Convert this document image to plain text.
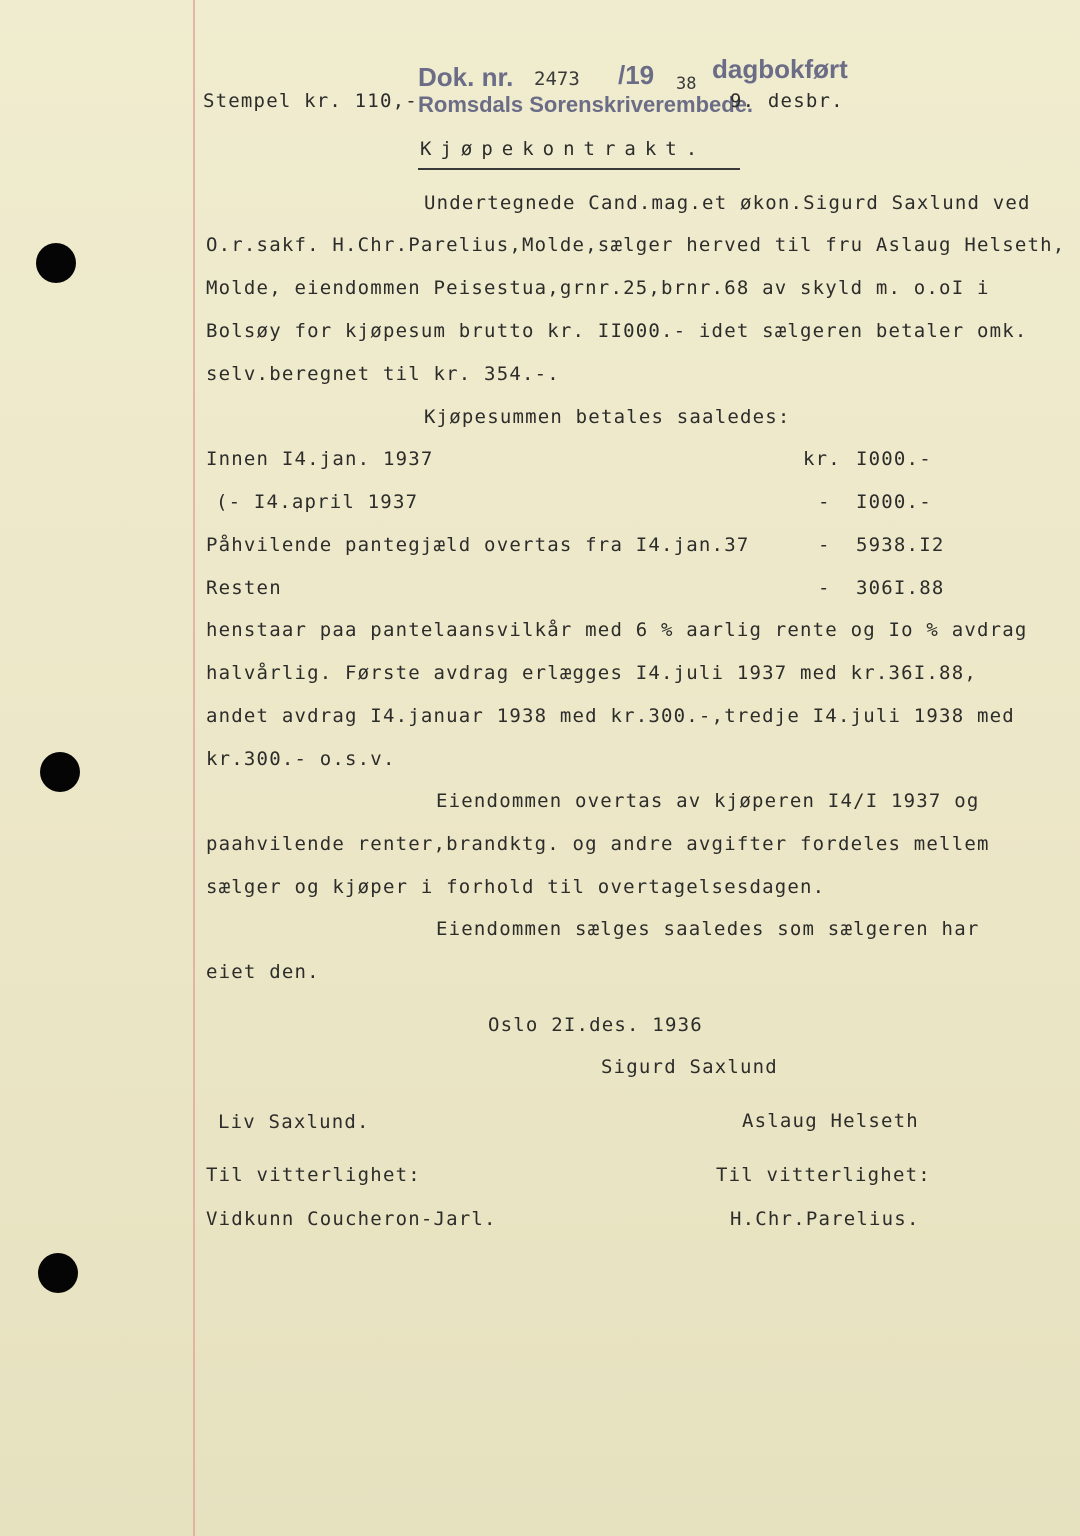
Dok. nr. 2473 /19 38 dagbokført
Romsdals Sorenskriverembede.
9. desbr.
Stempel kr. 110,-
Kjøpekontrakt.
Undertegnede Cand.mag.et økon.Sigurd Saxlund ved
O.r.sakf. H.Chr.Parelius,Molde,sælger herved til fru Aslaug Helseth,
Molde, eiendommen Peisestua,grnr.25,brnr.68 av skyld m. o.oI i
Bolsøy for kjøpesum brutto kr. II000.- idet sælgeren betaler omk.
selv.beregnet til kr. 354.-.
Kjøpesummen betales saaledes:
Innen I4.jan. 1937	kr. I000.-
(- I4.april 1937	- I000.-
Påhvilende pantegjæld overtas fra I4.jan.37	- 5938.I2
Resten	- 306I.88
henstaar paa pantelaansvilkår med 6 % aarlig rente og Io % avdrag
halvårlig. Første avdrag erlægges I4.juli 1937 med kr.36I.88,
andet avdrag I4.januar 1938 med kr.300.-,tredje I4.juli 1938 med
kr.300.- o.s.v.
Eiendommen overtas av kjøperen I4/I 1937 og
paahvilende renter,brandktg. og andre avgifter fordeles mellem
sælger og kjøper i forhold til overtagelsesdagen.
Eiendommen sælges saaledes som sælgeren har
eiet den.
Oslo 2I.des. 1936
Sigurd Saxlund
Liv Saxlund.	Aslaug Helseth
Til vitterlighet:	Til vitterlighet:
Vidkunn Coucheron-Jarl.	H.Chr.Parelius.
